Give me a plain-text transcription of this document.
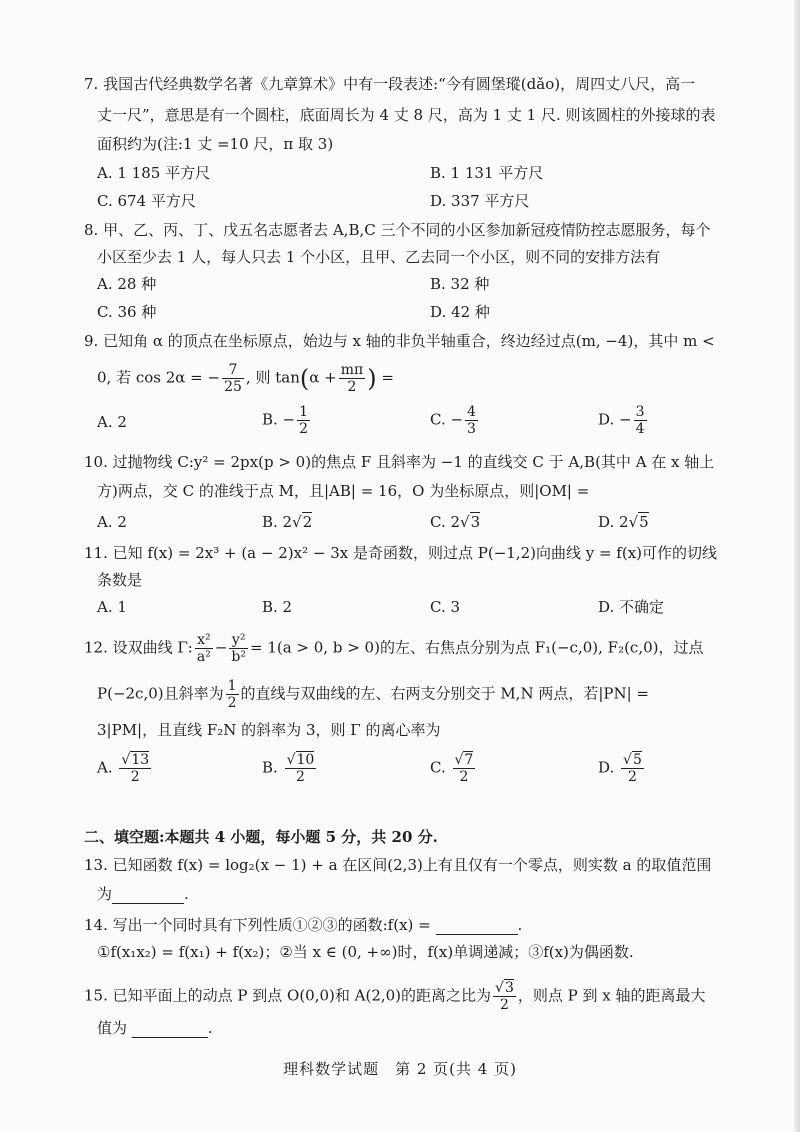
7. 我国古代经典数学名著《九章算术》中有一段表述:“今有圆堡瑽(dǎo)，周四丈八尺，高一
丈一尺”，意思是有一个圆柱，底面周长为 4 丈 8 尺，高为 1 丈 1 尺. 则该圆柱的外接球的表
面积约为(注:1 丈 =10 尺，π 取 3)
A. 1 185 平方尺	B. 1 131 平方尺
C. 674 平方尺	D. 337 平方尺
8. 甲、乙、丙、丁、戊五名志愿者去 A,B,C 三个不同的小区参加新冠疫情防控志愿服务，每个
小区至少去 1 人，每人只去 1 个小区，且甲、乙去同一个小区，则不同的安排方法有
A. 28 种	B. 32 种
C. 36 种	D. 42 种
9. 已知角 α 的顶点在坐标原点，始边与 x 轴的非负半轴重合，终边经过点(m, −4)，其中 m <
0, 若 cos 2α = − $\frac{7}{25}$ , 则 $\tan(\alpha + \frac{m\pi}{2}$ ) =
A. 2	B. − $\frac{1}{2}$	C. − $\frac{4}{3}$	D. − $\frac{3}{4}$
10. 过抛物线 C:y² = 2px(p > 0)的焦点 F 且斜率为 −1 的直线交 C 于 A,B(其中 A 在 x 轴上
方)两点，交 C 的准线于点 M，且|AB| = 16，O 为坐标原点，则|OM| =
A. 2	B. 2√2	C. 2√3	D. 2√5
11. 已知 f(x) = 2x³ + (a − 2)x² − 3x 是奇函数，则过点 P(−1,2)向曲线 y = f(x)可作的切线
条数是
A. 1	B. 2	C. 3	D. 不确定
12. 设双曲线 Γ: $\frac{\text{x²}}{\text{a²}} - \frac{\text{y²}}{\text{b²}} = 1(a > 0$, b > 0)的左、右焦点分别为点 F₁(−c,0), F₂(c,0)，过点
P(−2c,0)且斜率为 $\frac{1}{2}$ 的直线与双曲线的左、右两支分别交于 M,N 两点，若|PN| =
3|PM|，且直线 F₂N 的斜率为 3，则 Γ 的离心率为
A. $\frac{√13}{2}$	B. $\frac{√10}{2}$	C. $\frac{√7}{2}$	D. $\frac{√5}{2}$
二、填空题:本题共 4 小题，每小题 5 分，共 20 分.
13. 已知函数 f(x) = log₂(x − 1) + a 在区间(2,3)上有且仅有一个零点，则实数 a 的取值范围
为	.
14. 写出一个同时具有下列性质①②③的函数:f(x) =	.
①f(x₁x₂) = f(x₁) + f(x₂)；②当 x ∈ (0, +∞)时，f(x)单调递减；③f(x)为偶函数.
15. 已知平面上的动点 P 到点 O(0,0)和 A(2,0)的距离之比为 $\frac{√3}{2}$ ，则点 P 到 x 轴的距离最大
值为	.
理科数学试题　第 2 页(共 4 页)
